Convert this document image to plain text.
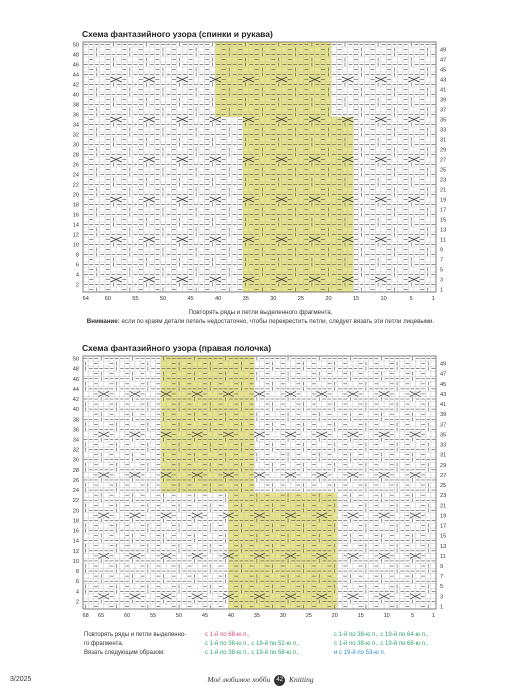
Схема фантазийного узора (спинки и рукава)
50
48
46
44
42
40
38
36
34
32
30
28
26
24
22
20
18
16
14
12
10
8
6
4
2
49
47
45
43
41
39
37
35
33
31
29
27
25
23
21
19
17
15
13
11
9
7
5
3
1
64	60	55	50	45	40	35	30	25	20	15	10	5	1
Повторять ряды и петли выделенного фрагмента.
Внимание: если по краям детали петель недостаточно, чтобы перекрестить петли, следует вязать эти петли лицевыми.
Схема фантазийного узора (правая полочка)
50
48
46
44
42
40
38
36
34
32
30
28
26
24
22
20
18
16
14
12
10
8
6
4
2
49
47
45
43
41
39
37
35
33
31
29
27
25
23
21
19
17
15
13
11
9
7
5
3
1
68 65	60	55	50	45	40	35	30	25	20	15	10	5	1
Повторять ряды и петли выделенно-
го фрагмента.
Вязать следующим образом:
с 1-й по 68-ю п.,
с 1-й по 38-ю п., с 19-й по 52-ю п.,
с 1-й по 38-ю п., с 19-й по 58-ю п.,
с 1-й по 38-ю п., с 19-й по 64-ю п.,
с 1-й по 38-ю п., с 19-й по 68-ю п.,
и с 19-й по 53-ю п.
3/2025	Моё любимое хобби 42 Knitting
